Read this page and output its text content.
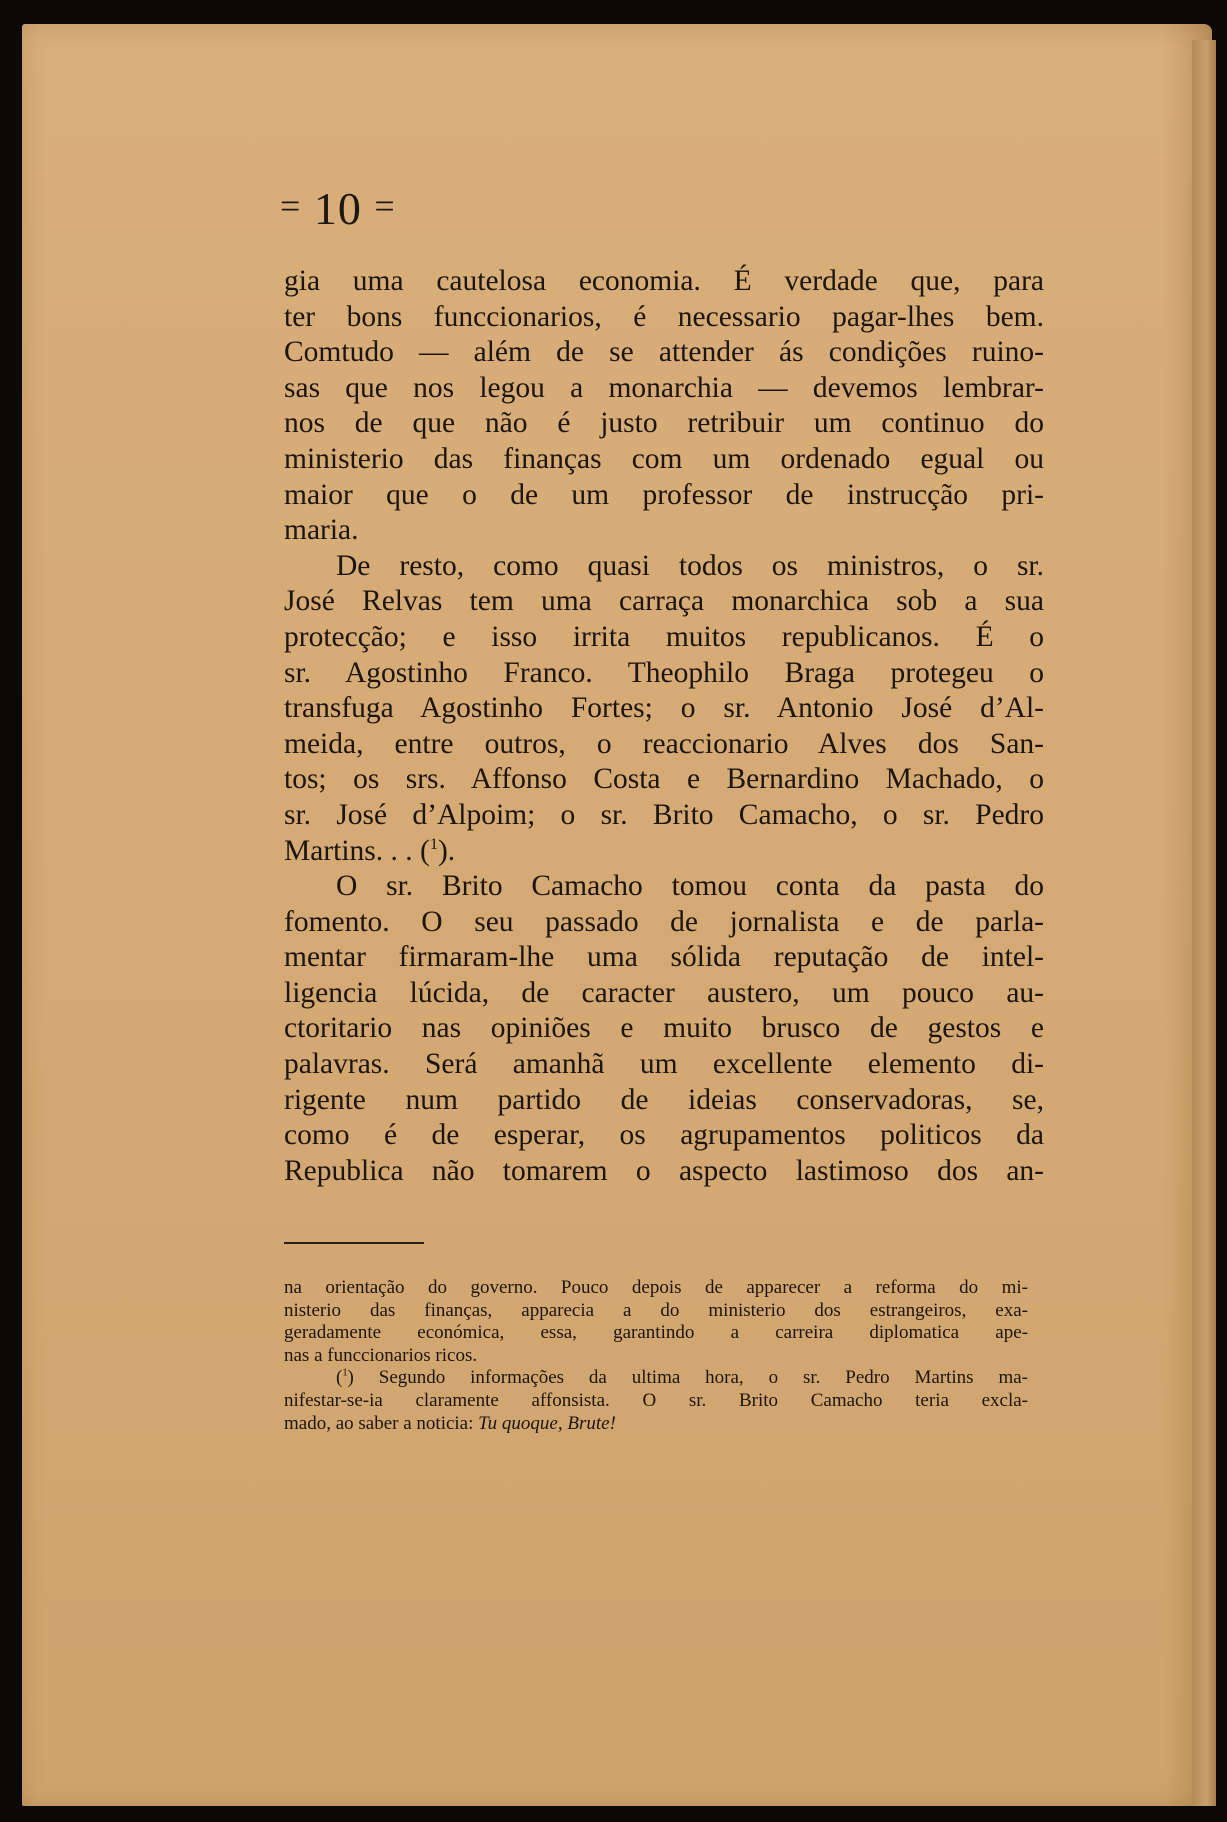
= 10 =
gia uma cautelosa economia. É verdade que, para
ter bons funccionarios, é necessario pagar-lhes bem.
Comtudo — além de se attender ás condições ruino-
sas que nos legou a monarchia — devemos lembrar-
nos de que não é justo retribuir um continuo do
ministerio das finanças com um ordenado egual ou
maior que o de um professor de instrucção pri-
maria.
De resto, como quasi todos os ministros, o sr.
José Relvas tem uma carraça monarchica sob a sua
protecção; e isso irrita muitos republicanos. É o
sr. Agostinho Franco. Theophilo Braga protegeu o
transfuga Agostinho Fortes; o sr. Antonio José d’Al-
meida, entre outros, o reaccionario Alves dos San-
tos; os srs. Affonso Costa e Bernardino Machado, o
sr. José d’Alpoim; o sr. Brito Camacho, o sr. Pedro
Martins. . . ($^1$).
O sr. Brito Camacho tomou conta da pasta do
fomento. O seu passado de jornalista e de parla-
mentar firmaram-lhe uma sólida reputação de intel-
ligencia lúcida, de caracter austero, um pouco au-
ctoritario nas opiniões e muito brusco de gestos e
palavras. Será amanhã um excellente elemento di-
rigente num partido de ideias conservadoras, se,
como é de esperar, os agrupamentos politicos da
Republica não tomarem o aspecto lastimoso dos an-
na orientação do governo. Pouco depois de apparecer a reforma do mi-
nisterio das finanças, apparecia a do ministerio dos estrangeiros, exa-
geradamente económica, essa, garantindo a carreira diplomatica ape-
nas a funccionarios ricos.
($^1$) Segundo informações da ultima hora, o sr. Pedro Martins ma-
nifestar-se-ia claramente affonsista. O sr. Brito Camacho teria excla-
mado, ao saber a noticia: Tu quoque, Brute!
